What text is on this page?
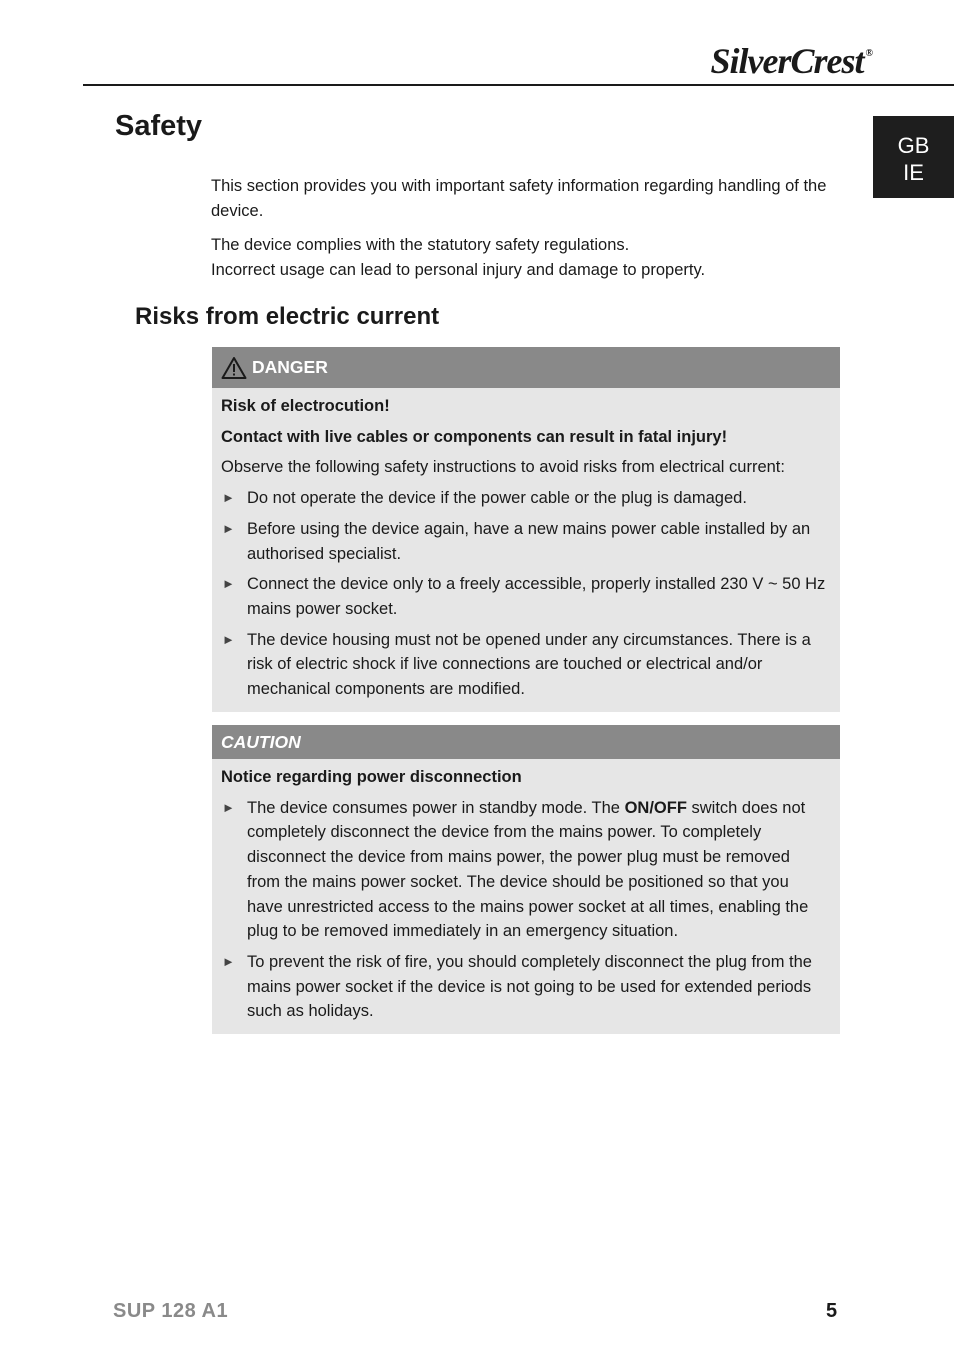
SilverCrest ®
GB
IE
Safety

This section provides you with important safety information regarding handling of the device.

The device complies with the statutory safety regulations.
Incorrect usage can lead to personal injury and damage to property.

Risks from electric current
DANGER

Risk of electrocution!

Contact with live cables or components can result in fatal injury!

Observe the following safety instructions to avoid risks from electrical current:

► Do not operate the device if the power cable or the plug is damaged.
► Before using the device again, have a new mains power cable installed by an authorised specialist.
► Connect the device only to a freely accessible, properly installed 230 V ~ 50 Hz mains power socket.
► The device housing must not be opened under any circumstances. There is a risk of electric shock if live connections are touched or electrical and/or mechanical components are modified.
CAUTION

Notice regarding power disconnection

► The device consumes power in standby mode. The ON/OFF switch does not completely disconnect the device from the mains power. To completely disconnect the device from mains power, the power plug must be removed from the mains power socket. The device should be positioned so that you have unrestricted access to the mains power socket at all times, enabling the plug to be removed immediately in an emergency situation.
► To prevent the risk of fire, you should completely disconnect the plug from the mains power socket if the device is not going to be used for extended periods such as holidays.
SUP 128 A1	5
